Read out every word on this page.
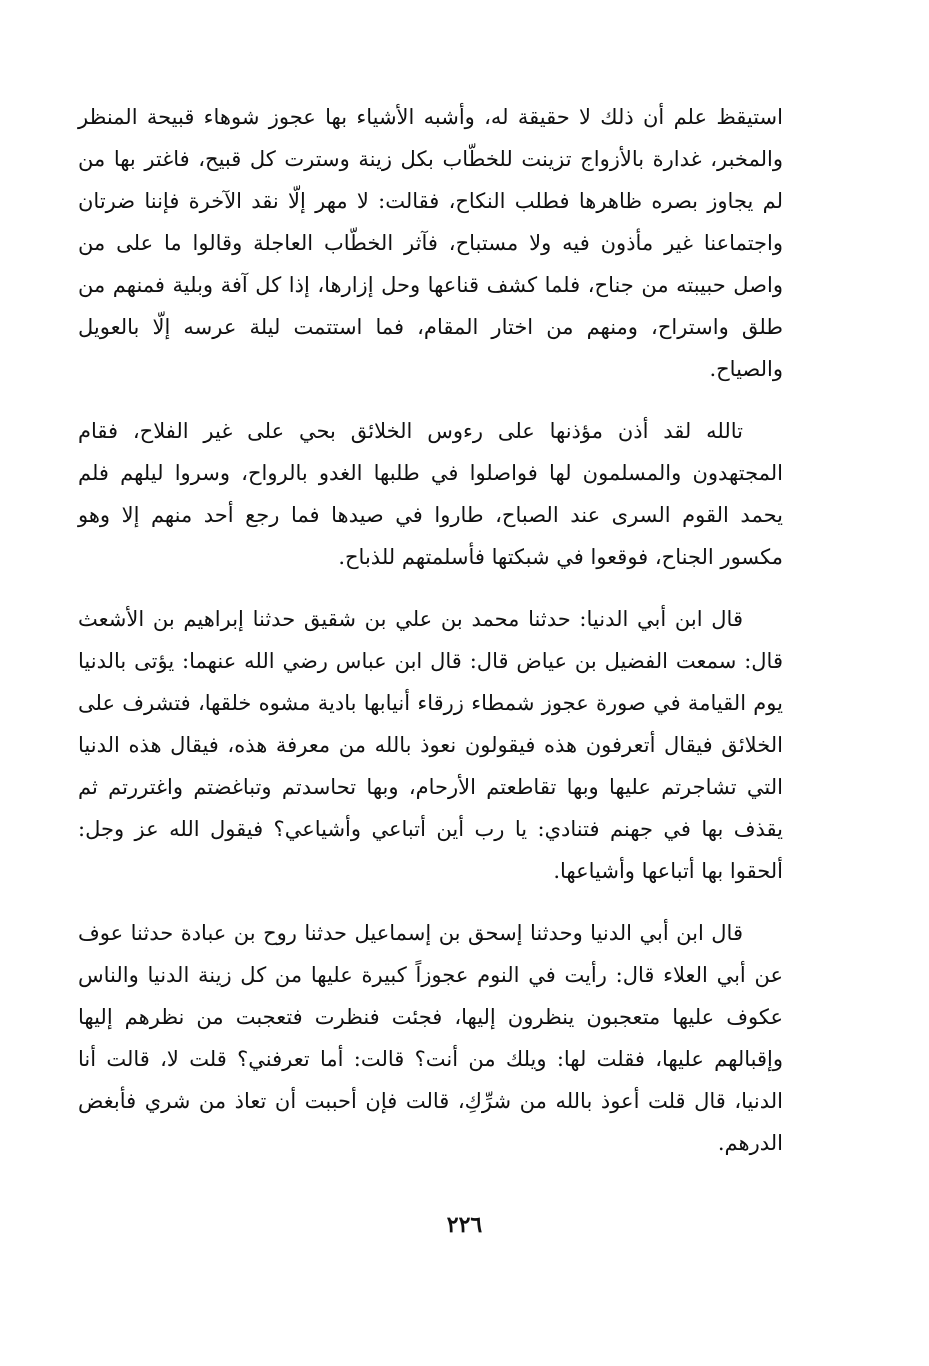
استيقظ علم أن ذلك لا حقيقة له، وأشبه الأشياء بها عجوز شوهاء قبيحة المنظر والمخبر، غدارة بالأزواج تزينت للخطّاب بكل زينة وسترت كل قبيح، فاغتر بها من لم يجاوز بصره ظاهرها فطلب النكاح، فقالت: لا مهر إلّا نقد الآخرة فإننا ضرتان واجتماعنا غير مأذون فيه ولا مستباح، فآثر الخطّاب العاجلة وقالوا ما على من واصل حبيبته من جناح، فلما كشف قناعها وحل إزارها، إذا كل آفة وبلية فمنهم من طلق واستراح، ومنهم من اختار المقام، فما استتمت ليلة عرسه إلّا بالعويل والصياح.

تالله لقد أذن مؤذنها على رءوس الخلائق بحي على غير الفلاح، فقام المجتهدون والمسلمون لها فواصلوا في طلبها الغدو بالرواح، وسروا ليلهم فلم يحمد القوم السرى عند الصباح، طاروا في صيدها فما رجع أحد منهم إلا وهو مكسور الجناح، فوقعوا في شبكتها فأسلمتهم للذباح.

قال ابن أبي الدنيا: حدثنا محمد بن علي بن شقيق حدثنا إبراهيم بن الأشعث قال: سمعت الفضيل بن عياض قال: قال ابن عباس رضي الله عنهما: يؤتى بالدنيا يوم القيامة في صورة عجوز شمطاء زرقاء أنيابها بادية مشوه خلقها، فتشرف على الخلائق فيقال أتعرفون هذه فيقولون نعوذ بالله من معرفة هذه، فيقال هذه الدنيا التي تشاجرتم عليها وبها تقاطعتم الأرحام، وبها تحاسدتم وتباغضتم واغتررتم ثم يقذف بها في جهنم فتنادي: يا رب أين أتباعي وأشياعي؟ فيقول الله عز وجل: ألحقوا بها أتباعها وأشياعها.

قال ابن أبي الدنيا وحدثنا إسحق بن إسماعيل حدثنا روح بن عبادة حدثنا عوف عن أبي العلاء قال: رأيت في النوم عجوزاً كبيرة عليها من كل زينة الدنيا والناس عكوف عليها متعجبون ينظرون إليها، فجئت فنظرت فتعجبت من نظرهم إليها وإقبالهم عليها، فقلت لها: ويلك من أنت؟ قالت: أما تعرفني؟ قلت لا، قالت أنا الدنيا، قال قلت أعوذ بالله من شرِّكِ، قالت فإن أحببت أن تعاذ من شري فأبغض الدرهم.

٢٢٦
